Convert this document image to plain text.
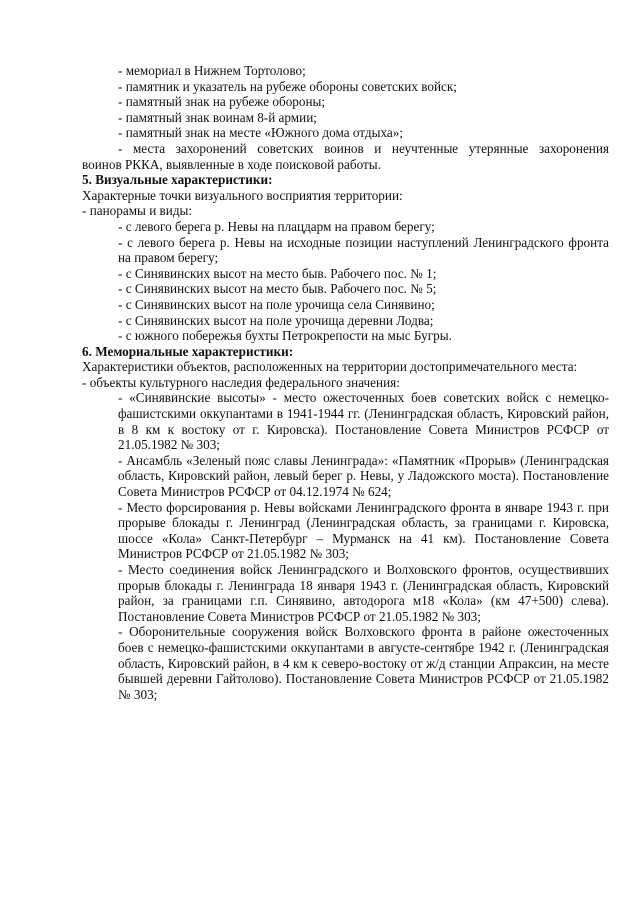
- мемориал в Нижнем Тортолово;

- памятник и указатель на рубеже обороны советских войск;

- памятный знак на рубеже обороны;

- памятный знак воинам 8-й армии;

- памятный знак на месте «Южного дома отдыха»;

- места захоронений советских воинов и неучтенные утерянные захоронения
воинов РККА, выявленные в ходе поисковой работы.

5. Визуальные характеристики:

Характерные точки визуального восприятия территории:

- панорамы и виды:

- с левого берега р. Невы на плацдарм на правом берегу;

- с левого берега р. Невы на исходные позиции наступлений Ленинградского фронта на правом берегу;

- с Синявинских высот на место быв. Рабочего пос. № 1;

- с Синявинских высот на место быв. Рабочего пос. № 5;

- с Синявинских высот на поле урочища села Синявино;

- с Синявинских высот на поле урочища деревни Лодва;

- с южного побережья бухты Петрокрепости на мыс Бугры.

6. Мемориальные характеристики:

Характеристики объектов, расположенных на территории достопримечательного места:

- объекты культурного наследия федерального значения:

- «Синявинские высоты» - место ожесточенных боев советских войск с немецко-фашистскими оккупантами в 1941-1944 гг. (Ленинградская область, Кировский район, в 8 км к востоку от г. Кировска). Постановление Совета Министров РСФСР от 21.05.1982 № 303;

- Ансамбль «Зеленый пояс славы Ленинграда»: «Памятник «Прорыв» (Ленинградская область, Кировский район, левый берег р. Невы, у Ладожского моста). Постановление Совета Министров РСФСР от 04.12.1974 № 624;

- Место форсирования р. Невы войсками Ленинградского фронта в январе 1943 г. при прорыве блокады г. Ленинград (Ленинградская область, за границами г. Кировска, шоссе «Кола» Санкт-Петербург – Мурманск на 41 км). Постановление Совета Министров РСФСР от 21.05.1982 № 303;

- Место соединения войск Ленинградского и Волховского фронтов, осуществивших прорыв блокады г. Ленинграда 18 января 1943 г. (Ленинградская область, Кировский район, за границами г.п. Синявино, автодорога м18 «Кола» (км 47+500) слева). Постановление Совета Министров РСФСР от 21.05.1982 № 303;

- Оборонительные сооружения войск Волховского фронта в районе ожесточенных боев с немецко-фашистскими оккупантами в августе-сентябре 1942 г. (Ленинградская область, Кировский район, в 4 км к северо-востоку от ж/д станции Апраксин, на месте бывшей деревни Гайтолово). Постановление Совета Министров РСФСР от 21.05.1982 № 303;
